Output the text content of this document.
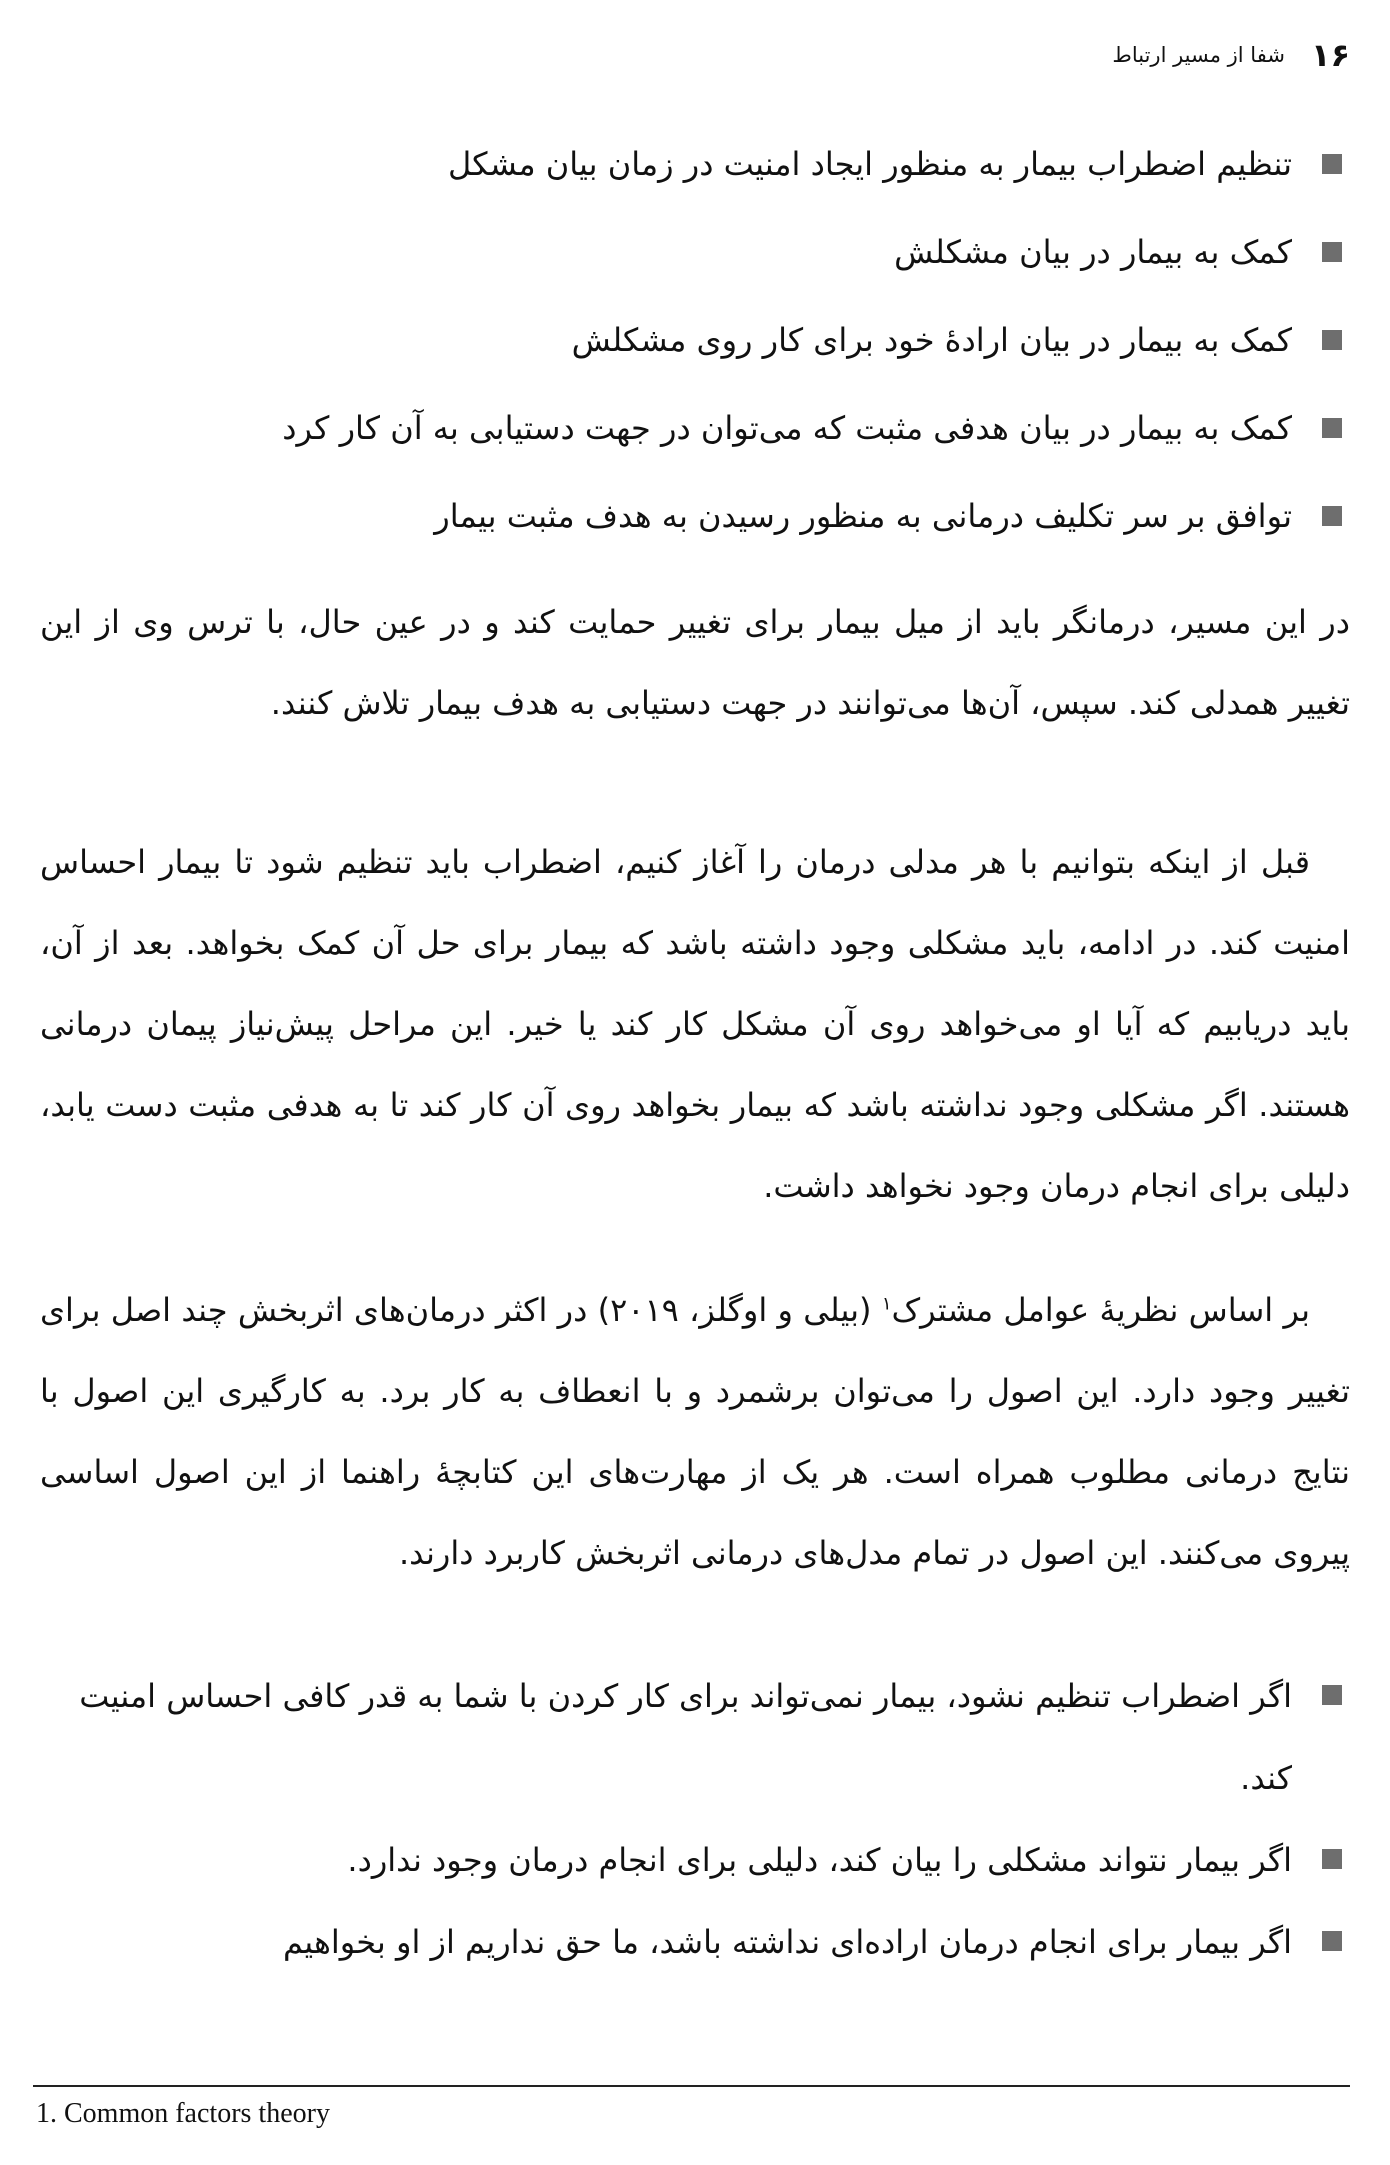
۱۶
شفا از مسیر ارتباط
تنظیم اضطراب بیمار به منظور ایجاد امنیت در زمان بیان مشکل
کمک به بیمار در بیان مشکلش
کمک به بیمار در بیان ارادهٔ خود برای کار روی مشکلش
کمک به بیمار در بیان هدفی مثبت که می‌توان در جهت دستیابی به آن کار کرد
توافق بر سر تکلیف درمانی به منظور رسیدن به هدف مثبت بیمار

در این مسیر، درمانگر باید از میل بیمار برای تغییر حمایت کند و در عین حال، با ترس وی از این تغییر همدلی کند. سپس، آن‌ها می‌توانند در جهت دستیابی به هدف بیمار تلاش کنند.

قبل از اینکه بتوانیم با هر مدلی درمان را آغاز کنیم، اضطراب باید تنظیم شود تا بیمار احساس امنیت کند. در ادامه، باید مشکلی وجود داشته باشد که بیمار برای حل آن کمک بخواهد. بعد از آن، باید دریابیم که آیا او می‌خواهد روی آن مشکل کار کند یا خیر. این مراحل پیش‌نیاز پیمان درمانی هستند. اگر مشکلی وجود نداشته باشد که بیمار بخواهد روی آن کار کند تا به هدفی مثبت دست یابد، دلیلی برای انجام درمان وجود نخواهد داشت.

بر اساس نظریهٔ عوامل مشترک$^۱$ (بیلی و اوگلز، ۲۰۱۹) در اکثر درمان‌های اثربخش چند اصل برای تغییر وجود دارد. این اصول را می‌توان برشمرد و با انعطاف به کار برد. به کارگیری این اصول با نتایج درمانی مطلوب همراه است. هر یک از مهارت‌های این کتابچهٔ راهنما از این اصول اساسی پیروی می‌کنند. این اصول در تمام مدل‌های درمانی اثربخش کاربرد دارند.

اگر اضطراب تنظیم نشود، بیمار نمی‌تواند برای کار کردن با شما به قدر کافی احساس امنیت کند.
اگر بیمار نتواند مشکلی را بیان کند، دلیلی برای انجام درمان وجود ندارد.
اگر بیمار برای انجام درمان اراده‌ای نداشته باشد، ما حق نداریم از او بخواهیم
1. Common factors theory
